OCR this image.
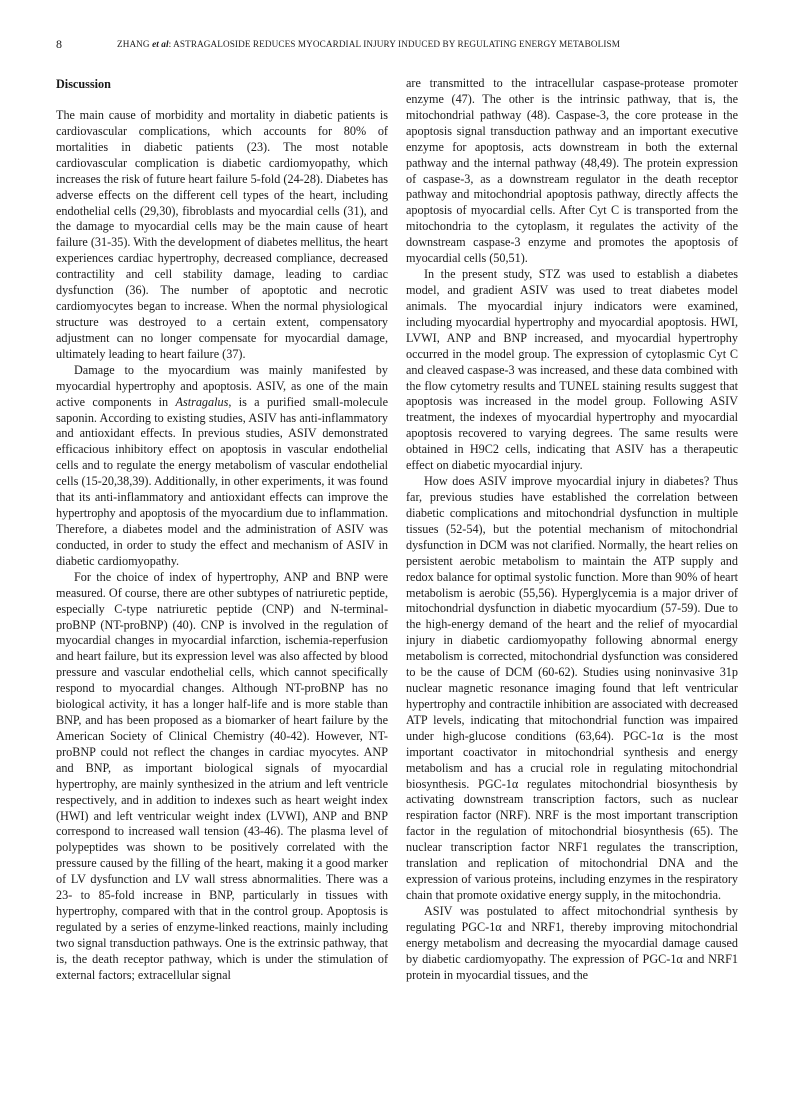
8	ZHANG et al: ASTRAGALOSIDE REDUCES MYOCARDIAL INJURY INDUCED BY REGULATING ENERGY METABOLISM
Discussion

The main cause of morbidity and mortality in diabetic patients is cardiovascular complications, which accounts for 80% of mortalities in diabetic patients (23). The most notable cardiovascular complication is diabetic cardiomyopathy, which increases the risk of future heart failure 5-fold (24-28). Diabetes has adverse effects on the different cell types of the heart, including endothelial cells (29,30), fibroblasts and myocardial cells (31), and the damage to myocardial cells may be the main cause of heart failure (31-35). With the development of diabetes mellitus, the heart experiences cardiac hypertrophy, decreased compliance, decreased contractility and cell stability damage, leading to cardiac dysfunction (36). The number of apoptotic and necrotic cardiomyocytes began to increase. When the normal physiological structure was destroyed to a certain extent, compensatory adjustment can no longer compensate for myocardial damage, ultimately leading to heart failure (37).

Damage to the myocardium was mainly manifested by myocardial hypertrophy and apoptosis. ASIV, as one of the main active components in Astragalus, is a purified small-molecule saponin. According to existing studies, ASIV has anti-inflammatory and antioxidant effects. In previous studies, ASIV demonstrated efficacious inhibitory effect on apoptosis in vascular endothelial cells and to regulate the energy metabolism of vascular endothelial cells (15-20,38,39). Additionally, in other experiments, it was found that its anti-inflammatory and antioxidant effects can improve the hypertrophy and apoptosis of the myocardium due to inflammation. Therefore, a diabetes model and the administration of ASIV was conducted, in order to study the effect and mechanism of ASIV in diabetic cardiomyopathy.

For the choice of index of hypertrophy, ANP and BNP were measured. Of course, there are other subtypes of natriuretic peptide, especially C-type natriuretic peptide (CNP) and N-terminal-proBNP (NT-proBNP) (40). CNP is involved in the regulation of myocardial changes in myocardial infarction, ischemia-reperfusion and heart failure, but its expression level was also affected by blood pressure and vascular endothelial cells, which cannot specifically respond to myocardial changes. Although NT-proBNP has no biological activity, it has a longer half-life and is more stable than BNP, and has been proposed as a biomarker of heart failure by the American Society of Clinical Chemistry (40-42). However, NT-proBNP could not reflect the changes in cardiac myocytes. ANP and BNP, as important biological signals of myocardial hypertrophy, are mainly synthesized in the atrium and left ventricle respectively, and in addition to indexes such as heart weight index (HWI) and left ventricular weight index (LVWI), ANP and BNP correspond to increased wall tension (43-46). The plasma level of polypeptides was shown to be positively correlated with the pressure caused by the filling of the heart, making it a good marker of LV dysfunction and LV wall stress abnormalities. There was a 23- to 85-fold increase in BNP, particularly in tissues with hypertrophy, compared with that in the control group. Apoptosis is regulated by a series of enzyme-linked reactions, mainly including two signal transduction pathways. One is the extrinsic pathway, that is, the death receptor pathway, which is under the stimulation of external factors; extracellular signal

are transmitted to the intracellular caspase-protease promoter enzyme (47). The other is the intrinsic pathway, that is, the mitochondrial pathway (48). Caspase-3, the core protease in the apoptosis signal transduction pathway and an important executive enzyme for apoptosis, acts downstream in both the external pathway and the internal pathway (48,49). The protein expression of caspase-3, as a downstream regulator in the death receptor pathway and mitochondrial apoptosis pathway, directly affects the apoptosis of myocardial cells. After Cyt C is transported from the mitochondria to the cytoplasm, it regulates the activity of the downstream caspase-3 enzyme and promotes the apoptosis of myocardial cells (50,51).

In the present study, STZ was used to establish a diabetes model, and gradient ASIV was used to treat diabetes model animals. The myocardial injury indicators were examined, including myocardial hypertrophy and myocardial apoptosis. HWI, LVWI, ANP and BNP increased, and myocardial hypertrophy occurred in the model group. The expression of cytoplasmic Cyt C and cleaved caspase-3 was increased, and these data combined with the flow cytometry results and TUNEL staining results suggest that apoptosis was increased in the model group. Following ASIV treatment, the indexes of myocardial hypertrophy and myocardial apoptosis recovered to varying degrees. The same results were obtained in H9C2 cells, indicating that ASIV has a therapeutic effect on diabetic myocardial injury.

How does ASIV improve myocardial injury in diabetes? Thus far, previous studies have established the correlation between diabetic complications and mitochondrial dysfunction in multiple tissues (52-54), but the potential mechanism of mitochondrial dysfunction in DCM was not clarified. Normally, the heart relies on persistent aerobic metabolism to maintain the ATP supply and redox balance for optimal systolic function. More than 90% of heart metabolism is aerobic (55,56). Hyperglycemia is a major driver of mitochondrial dysfunction in diabetic myocardium (57-59). Due to the high-energy demand of the heart and the relief of myocardial injury in diabetic cardiomyopathy following abnormal energy metabolism is corrected, mitochondrial dysfunction was considered to be the cause of DCM (60-62). Studies using noninvasive 31p nuclear magnetic resonance imaging found that left ventricular hypertrophy and contractile inhibition are associated with decreased ATP levels, indicating that mitochondrial function was impaired under high-glucose conditions (63,64). PGC-1α is the most important coactivator in mitochondrial synthesis and energy metabolism and has a crucial role in regulating mitochondrial biosynthesis. PGC-1α regulates mitochondrial biosynthesis by activating downstream transcription factors, such as nuclear respiration factor (NRF). NRF is the most important transcription factor in the regulation of mitochondrial biosynthesis (65). The nuclear transcription factor NRF1 regulates the transcription, translation and replication of mitochondrial DNA and the expression of various proteins, including enzymes in the respiratory chain that promote oxidative energy supply, in the mitochondria.

ASIV was postulated to affect mitochondrial synthesis by regulating PGC-1α and NRF1, thereby improving mitochondrial energy metabolism and decreasing the myocardial damage caused by diabetic cardiomyopathy. The expression of PGC-1α and NRF1 protein in myocardial tissues, and the
